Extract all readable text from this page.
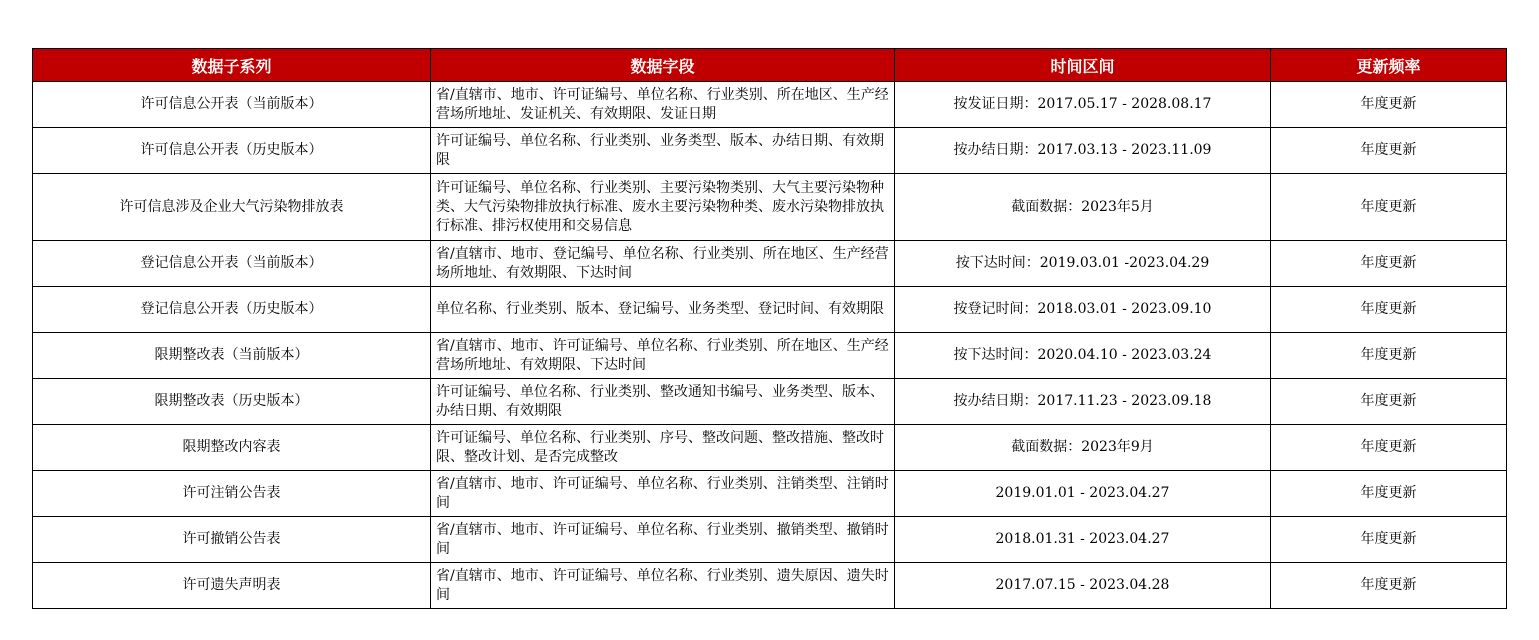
数据子系列	数据字段	时间区间	更新频率
许可信息公开表（当前版本）	省/直辖市、地市、许可证编号、单位名称、行业类别、所在地区、生产经营场所地址、发证机关、有效期限、发证日期	按发证日期：2017.05.17 - 2028.08.17	年度更新
许可信息公开表（历史版本）	许可证编号、单位名称、行业类别、业务类型、版本、办结日期、有效期限	按办结日期：2017.03.13 - 2023.11.09	年度更新
许可信息涉及企业大气污染物排放表	许可证编号、单位名称、行业类别、主要污染物类别、大气主要污染物种类、大气污染物排放执行标准、废水主要污染物种类、废水污染物排放执行标准、排污权使用和交易信息	截面数据：2023年5月	年度更新
登记信息公开表（当前版本）	省/直辖市、地市、登记编号、单位名称、行业类别、所在地区、生产经营场所地址、有效期限、下达时间	按下达时间：2019.03.01 -2023.04.29	年度更新
登记信息公开表（历史版本）	单位名称、行业类别、版本、登记编号、业务类型、登记时间、有效期限	按登记时间：2018.03.01 - 2023.09.10	年度更新
限期整改表（当前版本）	省/直辖市、地市、许可证编号、单位名称、行业类别、所在地区、生产经营场所地址、有效期限、下达时间	按下达时间：2020.04.10 - 2023.03.24	年度更新
限期整改表（历史版本）	许可证编号、单位名称、行业类别、整改通知书编号、业务类型、版本、办结日期、有效期限	按办结日期：2017.11.23 - 2023.09.18	年度更新
限期整改内容表	许可证编号、单位名称、行业类别、序号、整改问题、整改措施、整改时限、整改计划、是否完成整改	截面数据：2023年9月	年度更新
许可注销公告表	省/直辖市、地市、许可证编号、单位名称、行业类别、注销类型、注销时间	2019.01.01 - 2023.04.27	年度更新
许可撤销公告表	省/直辖市、地市、许可证编号、单位名称、行业类别、撤销类型、撤销时间	2018.01.31 - 2023.04.27	年度更新
许可遗失声明表	省/直辖市、地市、许可证编号、单位名称、行业类别、遗失原因、遗失时间	2017.07.15 - 2023.04.28	年度更新
